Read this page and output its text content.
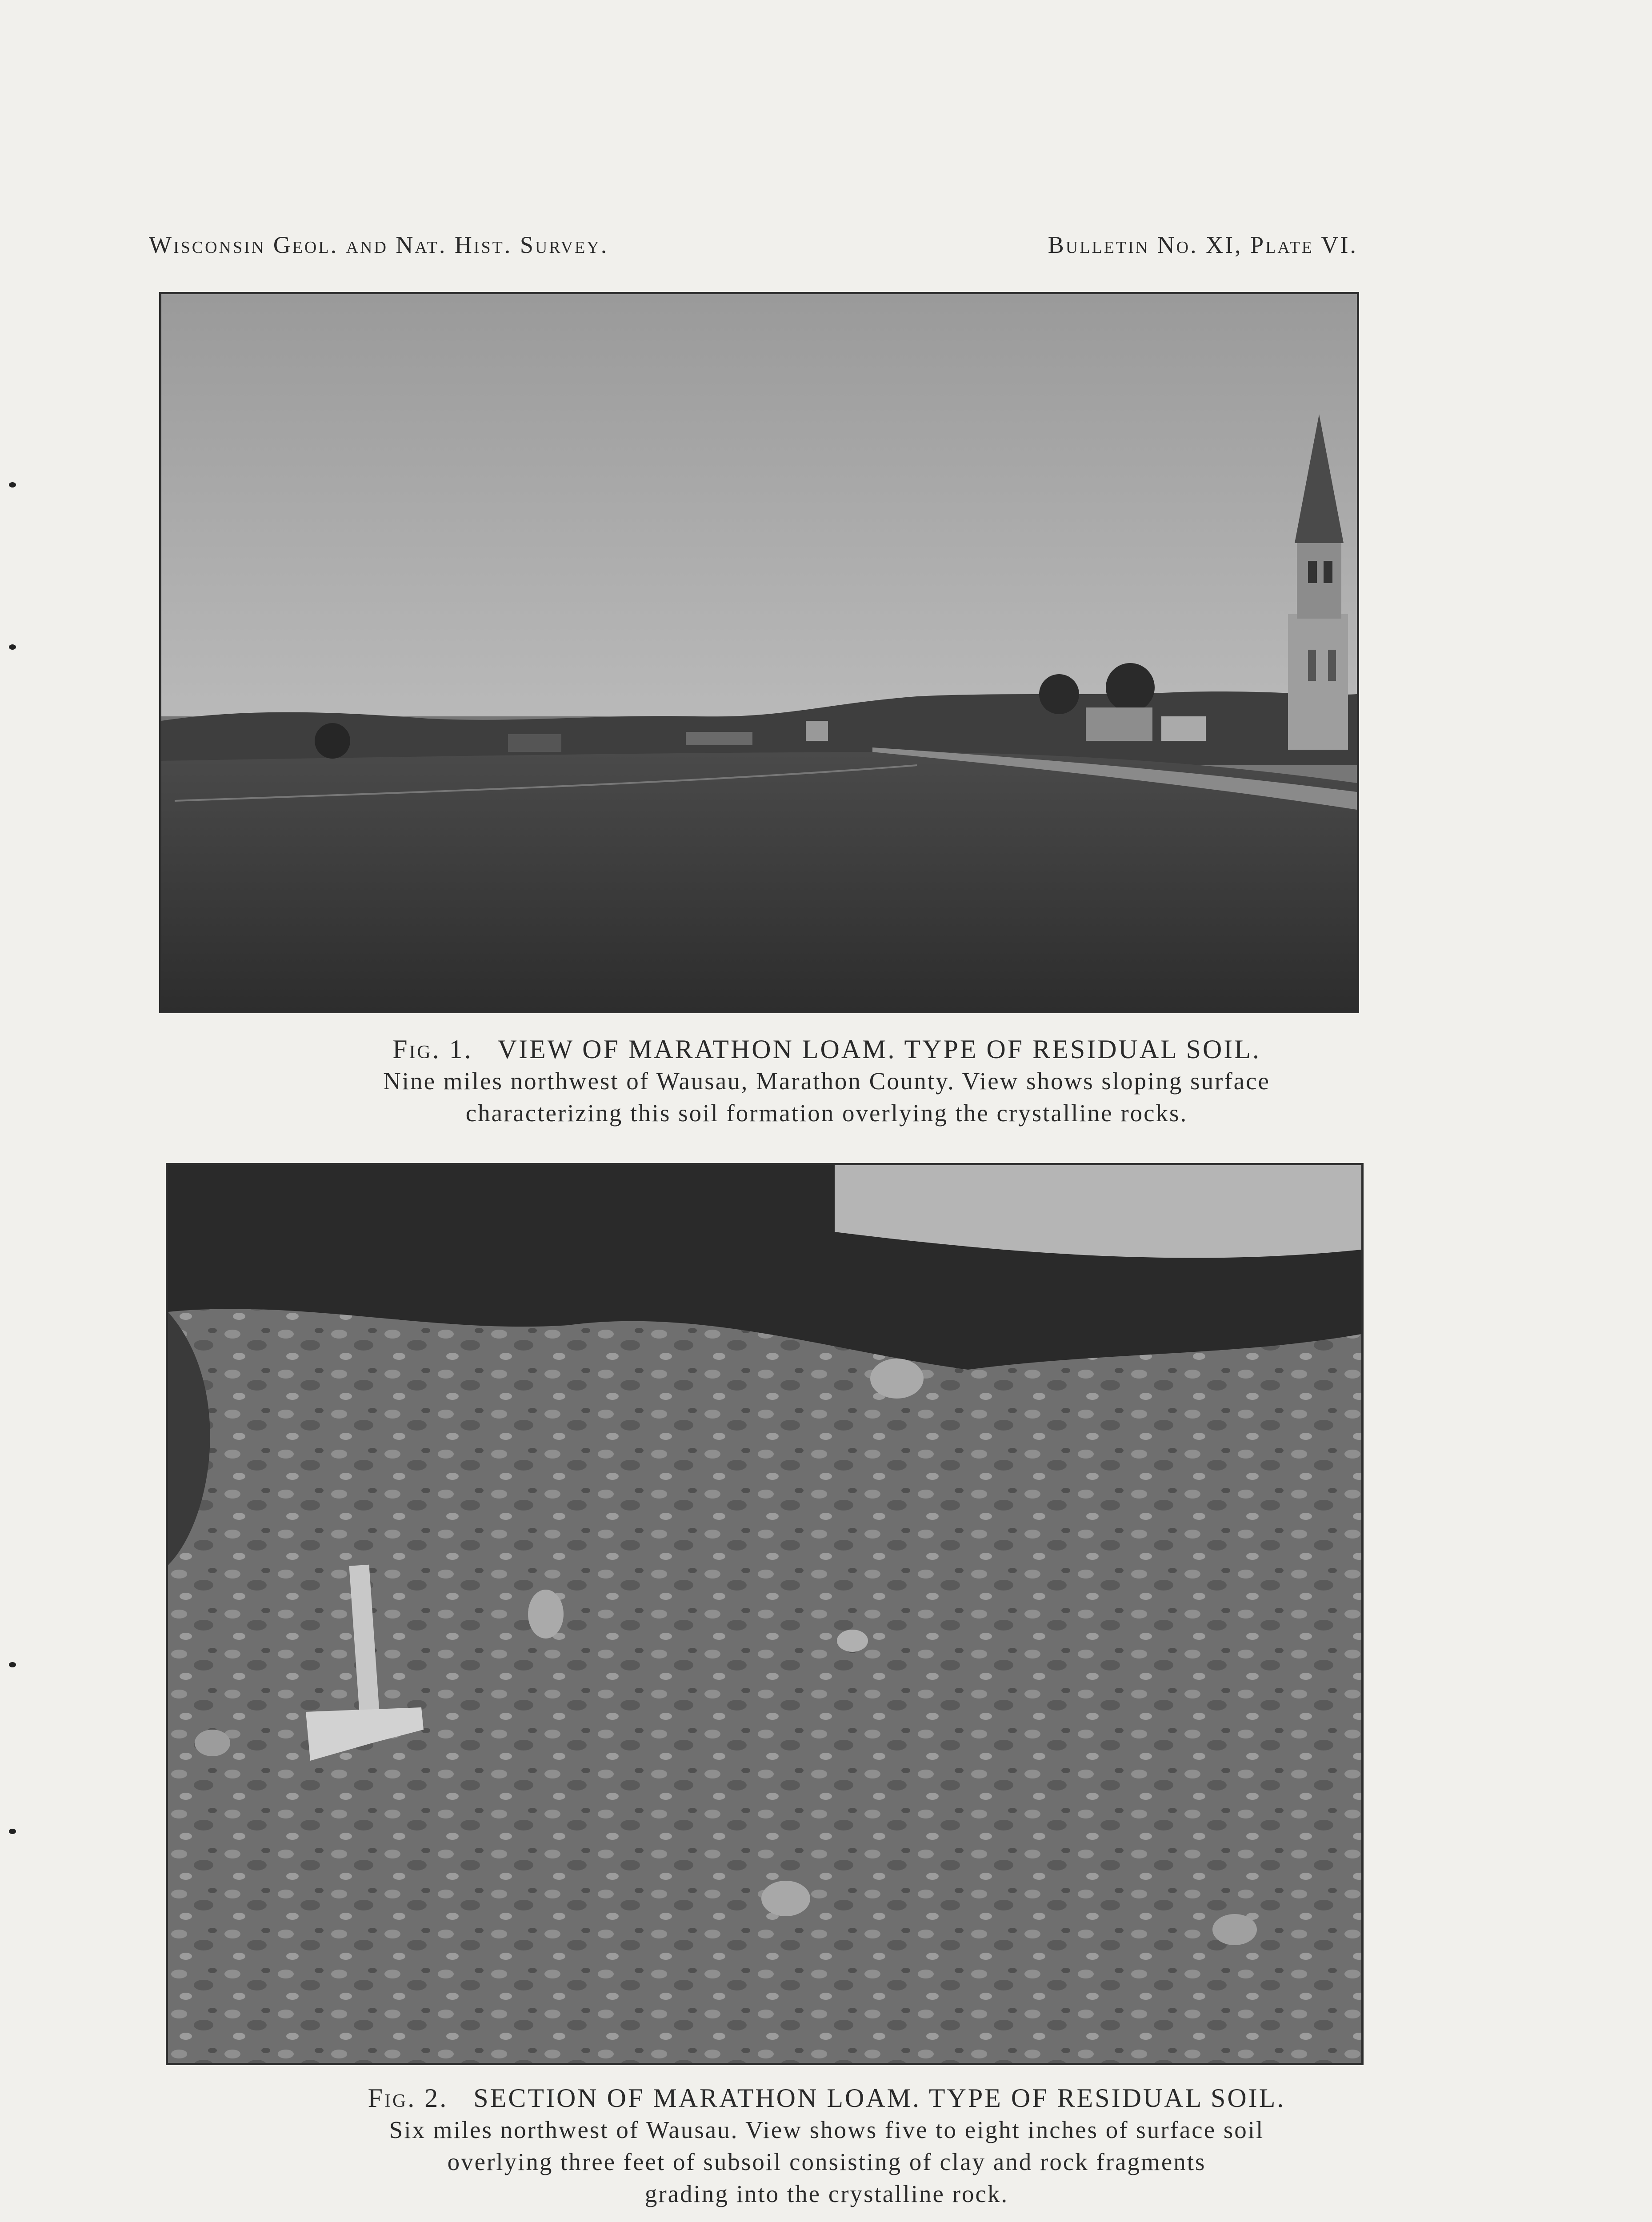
Wisconsin Geol. and Nat. Hist. Survey.	Bulletin No. XI, Plate VI.
Fig. 1. VIEW OF MARATHON LOAM. TYPE OF RESIDUAL SOIL.
Nine miles northwest of Wausau, Marathon County. View shows sloping surface
characterizing this soil formation overlying the crystalline rocks.
Fig. 2. SECTION OF MARATHON LOAM. TYPE OF RESIDUAL SOIL.
Six miles northwest of Wausau. View shows five to eight inches of surface soil
overlying three feet of subsoil consisting of clay and rock fragments
grading into the crystalline rock.
